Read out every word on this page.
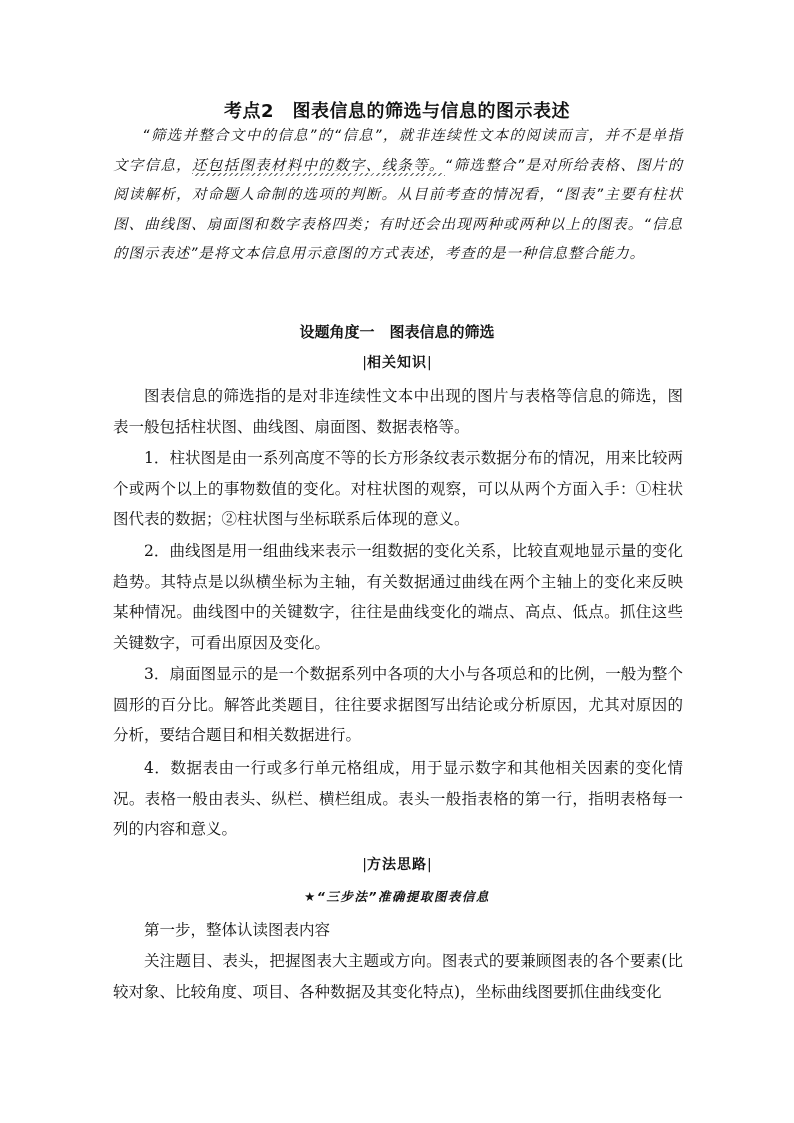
考点2　图表信息的筛选与信息的图示表述
“筛选并整合文中的信息”的“信息”，就非连续性文本的阅读而言，并不是单指文字信息，还包括图表材料中的数字、线条等。“筛选整合”是对所给表格、图片的阅读解析，对命题人命制的选项的判断。从目前考查的情况看，“图表”主要有柱状图、曲线图、扇面图和数字表格四类；有时还会出现两种或两种以上的图表。“信息的图示表述”是将文本信息用示意图的方式表述，考查的是一种信息整合能力。
设题角度一　图表信息的筛选
|相关知识|

图表信息的筛选指的是对非连续性文本中出现的图片与表格等信息的筛选，图表一般包括柱状图、曲线图、扇面图、数据表格等。

1．柱状图是由一系列高度不等的长方形条纹表示数据分布的情况，用来比较两个或两个以上的事物数值的变化。对柱状图的观察，可以从两个方面入手：①柱状图代表的数据；②柱状图与坐标联系后体现的意义。

2．曲线图是用一组曲线来表示一组数据的变化关系，比较直观地显示量的变化趋势。其特点是以纵横坐标为主轴，有关数据通过曲线在两个主轴上的变化来反映某种情况。曲线图中的关键数字，往往是曲线变化的端点、高点、低点。抓住这些关键数字，可看出原因及变化。

3．扇面图显示的是一个数据系列中各项的大小与各项总和的比例，一般为整个圆形的百分比。解答此类题目，往往要求据图写出结论或分析原因，尤其对原因的分析，要结合题目和相关数据进行。

4．数据表由一行或多行单元格组成，用于显示数字和其他相关因素的变化情况。表格一般由表头、纵栏、横栏组成。表头一般指表格的第一行，指明表格每一列的内容和意义。

|方法思路|
★“三步法”准确提取图表信息

第一步，整体认读图表内容

关注题目、表头，把握图表大主题或方向。图表式的要兼顾图表的各个要素(比较对象、比较角度、项目、各种数据及其变化特点)，坐标曲线图要抓住曲线变化
